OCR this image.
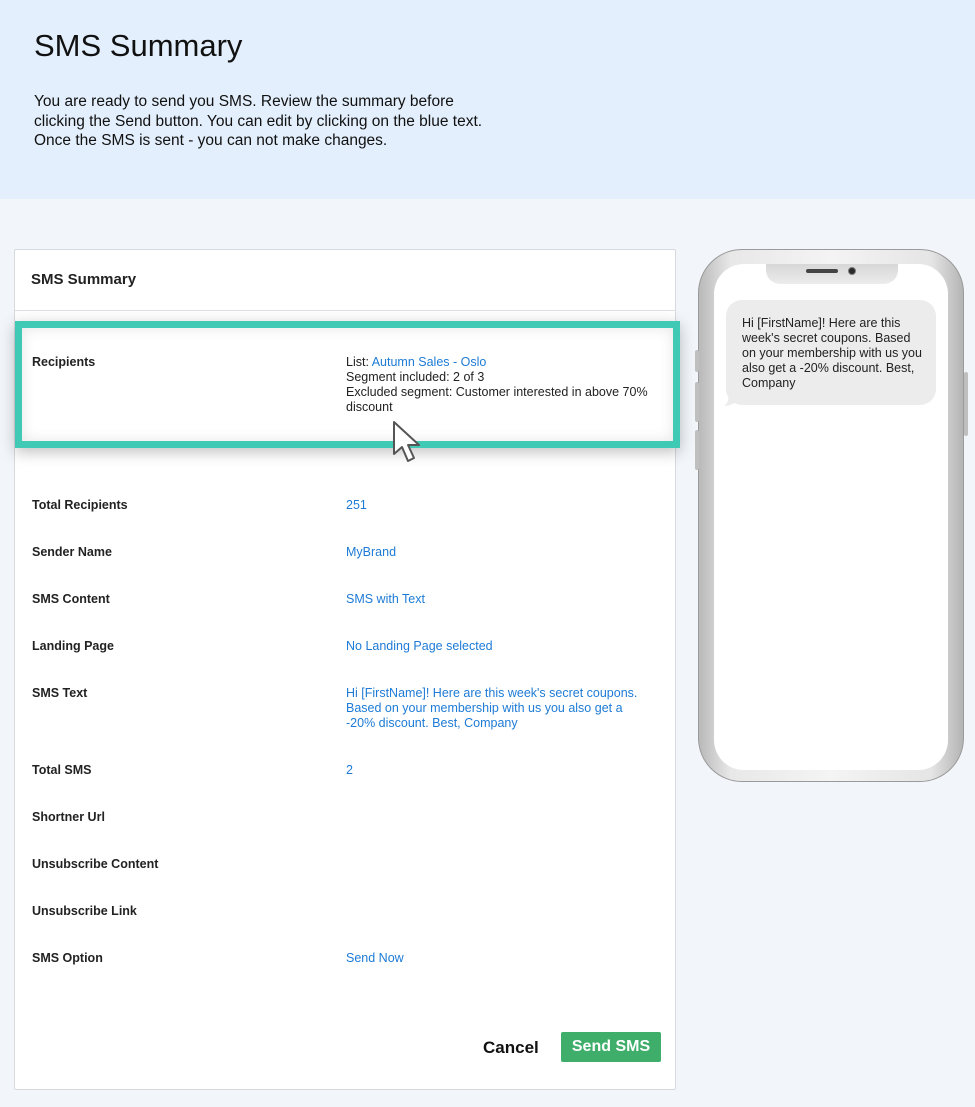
SMS Summary
You are ready to send you SMS. Review the summary before
clicking the Send button. You can edit by clicking on the blue text.
Once the SMS is sent - you can not make changes.
SMS Summary
Recipients	List: Autumn Sales - Oslo
Segment included: 2 of 3
Excluded segment: Customer interested in above 70% discount
Total Recipients	251
Sender Name	MyBrand
SMS Content	SMS with Text
Landing Page	No Landing Page selected
SMS Text	Hi [FirstName]! Here are this week's secret coupons. Based on your membership with us you also get a -20% discount. Best, Company
Total SMS	2
Shortner Url
Unsubscribe Content
Unsubscribe Link
SMS Option	Send Now
Cancel	Send SMS
Hi [FirstName]! Here are this week's secret coupons. Based on your membership with us you also get a -20% discount. Best, Company
